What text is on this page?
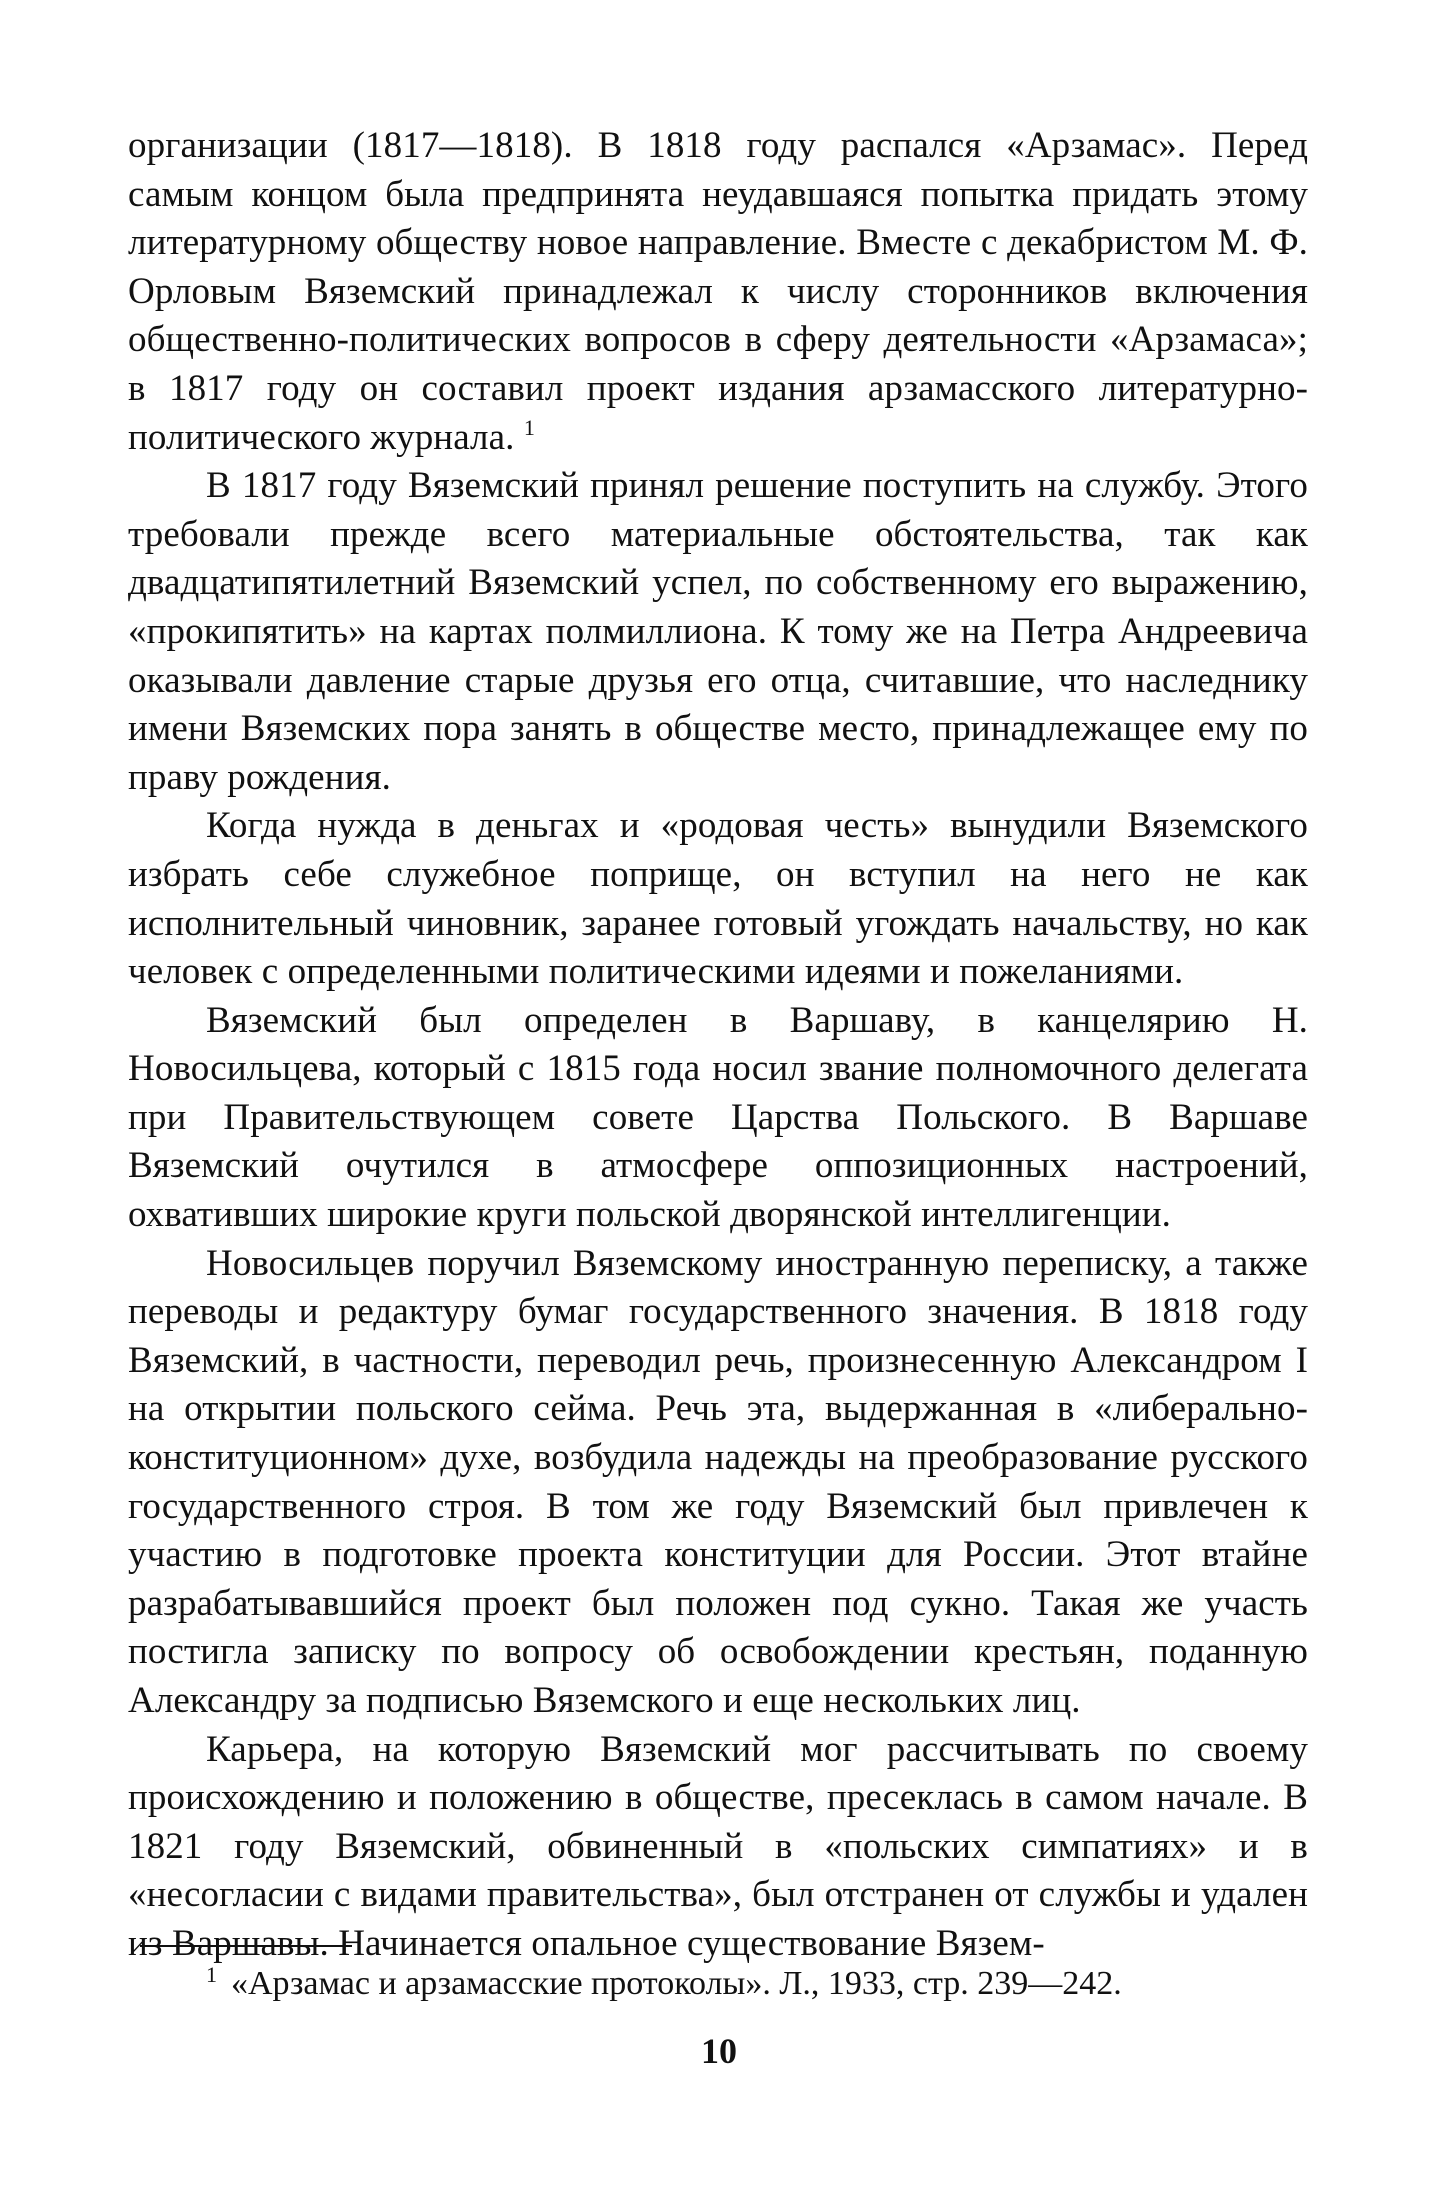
организации (1817—1818). В 1818 году распался «Арзамас». Перед самым концом была предпринята неудавшаяся попытка придать этому литературному обществу новое направление. Вместе с декабристом М. Ф. Орловым Вяземский принадлежал к числу сторонников включения общественно-политических вопросов в сферу деятельности «Арзамаса»; в 1817 году он составил проект издания арзамасского литературно-политического журнала. $^1$

В 1817 году Вяземский принял решение поступить на службу. Этого требовали прежде всего материальные обстоятельства, так как двадцатипятилетний Вяземский успел, по собственному его выражению, «прокипятить» на картах полмиллиона. К тому же на Петра Андреевича оказывали давление старые друзья его отца, считавшие, что наследнику имени Вяземских пора занять в обществе место, принадлежащее ему по праву рождения.

Когда нужда в деньгах и «родовая честь» вынудили Вяземского избрать себе служебное поприще, он вступил на него не как исполнительный чиновник, заранее готовый угождать начальству, но как человек с определенными политическими идеями и пожеланиями.

Вяземский был определен в Варшаву, в канцелярию Н. Новосильцева, который с 1815 года носил звание полномочного делегата при Правительствующем совете Царства Польского. В Варшаве Вяземский очутился в атмосфере оппозиционных настроений, охвативших широкие круги польской дворянской интеллигенции.

Новосильцев поручил Вяземскому иностранную переписку, а также переводы и редактуру бумаг государственного значения. В 1818 году Вяземский, в частности, переводил речь, произнесенную Александром I на открытии польского сейма. Речь эта, выдержанная в «либерально-конституционном» духе, возбудила надежды на преобразование русского государственного строя. В том же году Вяземский был привлечен к участию в подготовке проекта конституции для России. Этот втайне разрабатывавшийся проект был положен под сукно. Такая же участь постигла записку по вопросу об освобождении крестьян, поданную Александру за подписью Вяземского и еще нескольких лиц.

Карьера, на которую Вяземский мог рассчитывать по своему происхождению и положению в обществе, пресеклась в самом начале. В 1821 году Вяземский, обвиненный в «польских симпатиях» и в «несогласии с видами правительства», был отстранен от службы и удален из Варшавы. Начинается опальное существование Вязем-

$^1$ «Арзамас и арзамасские протоколы». Л., 1933, стр. 239—242.

10
